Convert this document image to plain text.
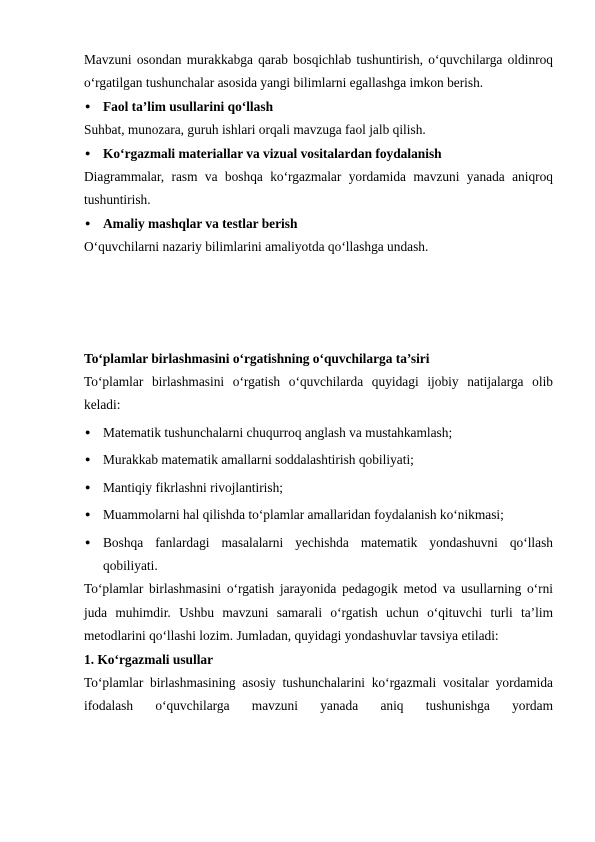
Mavzuni osondan murakkabga qarab bosqichlab tushuntirish, o‘quvchilarga oldinroq o‘rgatilgan tushunchalar asosida yangi bilimlarni egallashga imkon berish.

● Faol ta’lim usullarini qo‘llash

Suhbat, munozara, guruh ishlari orqali mavzuga faol jalb qilish.

● Ko‘rgazmali materiallar va vizual vositalardan foydalanish

Diagrammalar, rasm va boshqa ko‘rgazmalar yordamida mavzuni yanada aniqroq tushuntirish.

● Amaliy mashqlar va testlar berish

O‘quvchilarni nazariy bilimlarini amaliyotda qo‘llashga undash.

To‘plamlar birlashmasini o‘rgatishning o‘quvchilarga ta’siri

To‘plamlar birlashmasini o‘rgatish o‘quvchilarda quyidagi ijobiy natijalarga olib keladi:

● Matematik tushunchalarni chuqurroq anglash va mustahkamlash;
● Murakkab matematik amallarni soddalashtirish qobiliyati;
● Mantiqiy fikrlashni rivojlantirish;
● Muammolarni hal qilishda to‘plamlar amallaridan foydalanish ko‘nikmasi;
● Boshqa fanlardagi masalalarni yechishda matematik yondashuvni qo‘llash qobiliyati.

To‘plamlar birlashmasini o‘rgatish jarayonida pedagogik metod va usullarning o‘rni juda muhimdir. Ushbu mavzuni samarali o‘rgatish uchun o‘qituvchi turli ta’lim metodlarini qo‘llashi lozim. Jumladan, quyidagi yondashuvlar tavsiya etiladi:

1. Ko‘rgazmali usullar

To‘plamlar birlashmasining asosiy tushunchalarini ko‘rgazmali vositalar yordamida ifodalash o‘quvchilarga mavzuni yanada aniq tushunishga yordam
